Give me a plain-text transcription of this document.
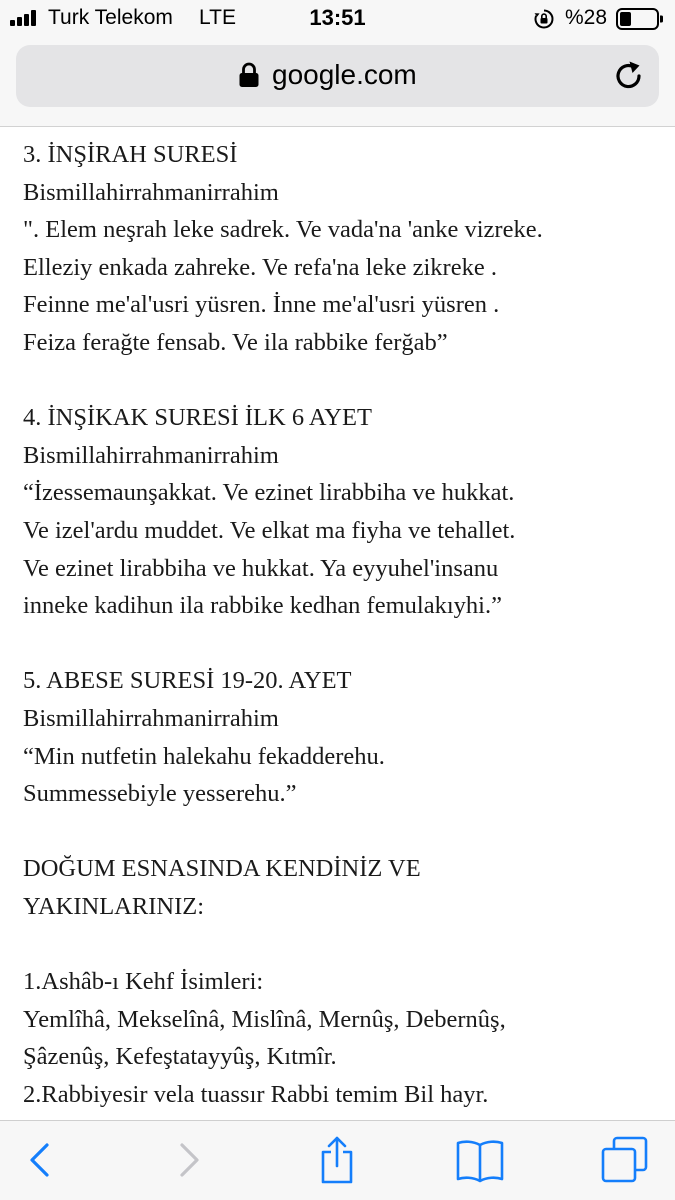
Turk Telekom LTE	13:51	%28
google.com
3. İNŞİRAH SURESİ
Bismillahirrahmanirrahim
". Elem neşrah leke sadrek. Ve vada'na 'anke vizreke.
Elleziy enkada zahreke. Ve refa'na leke zikreke .
Feinne me'al'usri yüsren. İnne me'al'usri yüsren .
Feiza ferağte fensab. Ve ila rabbike ferğab”
4. İNŞİKAK SURESİ İLK 6 AYET
Bismillahirrahmanirrahim
“İzessemaunşakkat. Ve ezinet lirabbiha ve hukkat.
Ve izel'ardu muddet. Ve elkat ma fiyha ve tehallet.
Ve ezinet lirabbiha ve hukkat. Ya eyyuhel'insanu
inneke kadihun ila rabbike kedhan femulakıyhi.”
5. ABESE SURESİ 19-20. AYET
Bismillahirrahmanirrahim
“Min nutfetin halekahu fekadderehu.
Summessebiyle yesserehu.”
DOĞUM ESNASINDA KENDİNİZ VE
YAKINLARINIZ:
1.Ashâb-ı Kehf İsimleri:
Yemlîhâ, Mekselînâ, Mislînâ, Mernûş, Debernûş,
Şâzenûş, Kefeştatayyûş, Kıtmîr.
2.Rabbiyesir vela tuassır Rabbi temim Bil hayr.
